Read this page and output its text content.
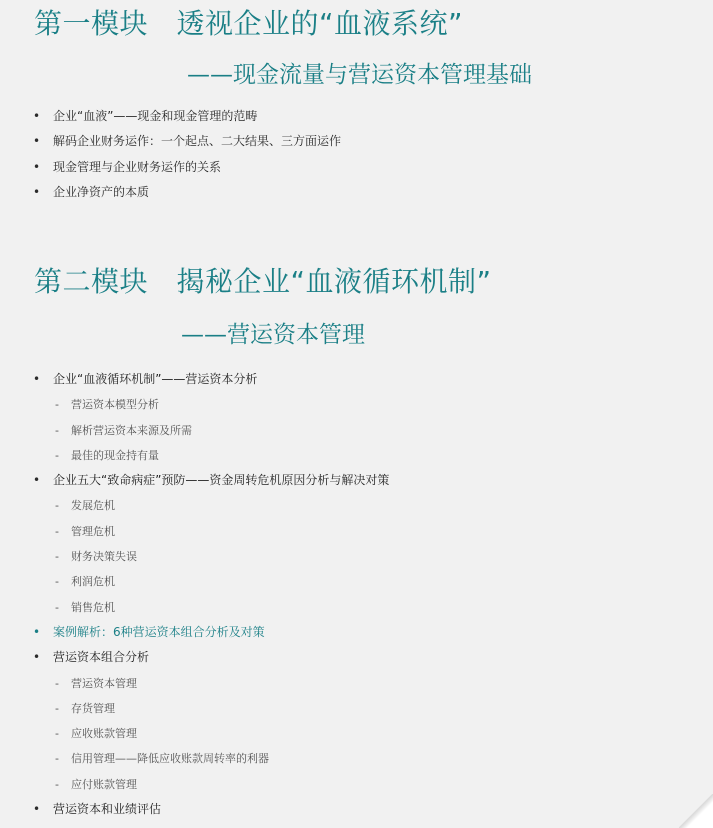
第一模块　透视企业的“血液系统”
——现金流量与营运资本管理基础
• 企业“血液”——现金和现金管理的范畴
• 解码企业财务运作：一个起点、二大结果、三方面运作
• 现金管理与企业财务运作的关系
• 企业净资产的本质
第二模块　揭秘企业“血液循环机制”
——营运资本管理
• 企业“血液循环机制”——营运资本分析
- 营运资本模型分析
- 解析营运资本来源及所需
- 最佳的现金持有量
• 企业五大“致命病症”预防——资金周转危机原因分析与解决对策
- 发展危机
- 管理危机
- 财务决策失误
- 利润危机
- 销售危机
• 案例解析：6种营运资本组合分析及对策
• 营运资本组合分析
- 营运资本管理
- 存货管理
- 应收账款管理
- 信用管理——降低应收账款周转率的利器
- 应付账款管理
• 营运资本和业绩评估
